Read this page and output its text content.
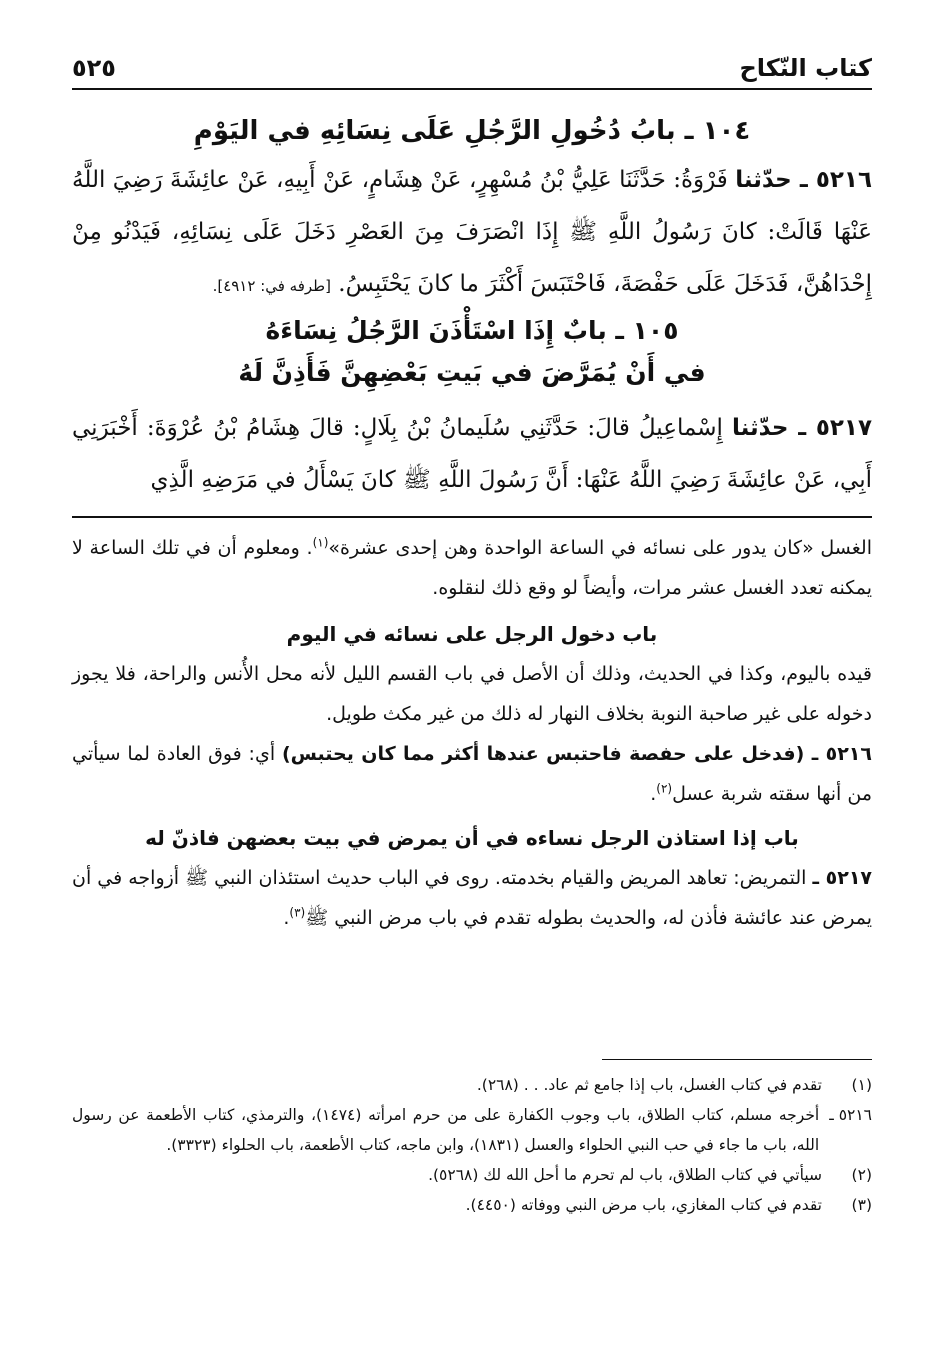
كتاب النّكاح
٥٢٥
١٠٤ ـ بابُ دُخُولِ الرَّجُلِ عَلَى نِسَائِهِ في اليَوْمِ
٥٢١٦ ـ حدّثنا فَرْوَةُ: حَدَّثَنَا عَلِيُّ بْنُ مُسْهِرٍ، عَنْ هِشَامٍ، عَنْ أَبِيهِ، عَنْ عائِشَةَ رَضِيَ اللَّهُ عَنْهَا قَالَتْ: كانَ رَسُولُ اللَّهِ ﷺ إِذَا انْصَرَفَ مِنَ العَصْرِ دَخَلَ عَلَى نِسَائِهِ، فَيَدْنُو مِنْ إِحْدَاهُنَّ، فَدَخَلَ عَلَى حَفْصَةَ، فَاحْتَبَسَ أَكْثَرَ ما كانَ يَحْتَبِسُ. [طرفه في: ٤٩١٢].
١٠٥ ـ بابٌ إِذَا اسْتَأْذَنَ الرَّجُلُ نِسَاءَهُ
في أَنْ يُمَرَّضَ في بَيتِ بَعْضِهِنَّ فَأَذِنَّ لَهُ
٥٢١٧ ـ حدّثنا إِسْماعِيلُ قالَ: حَدَّثَنِي سُلَيمانُ بْنُ بِلَالٍ: قالَ هِشَامُ بْنُ عُرْوَةَ: أَخْبَرَنِي أَبِي، عَنْ عائِشَةَ رَضِيَ اللَّهُ عَنْهَا: أَنَّ رَسُولَ اللَّهِ ﷺ كانَ يَسْأَلُ في مَرَضِهِ الَّذِي
الغسل «كان يدور على نسائه في الساعة الواحدة وهن إحدى عشرة»$^{(١)}$. ومعلوم أن في تلك الساعة لا يمكنه تعدد الغسل عشر مرات، وأيضاً لو وقع ذلك لنقلوه.
باب دخول الرجل على نسائه في اليوم
قيده باليوم، وكذا في الحديث، وذلك أن الأصل في باب القسم الليل لأنه محل الأُنس والراحة، فلا يجوز دخوله على غير صاحبة النوبة بخلاف النهار له ذلك من غير مكث طويل.
٥٢١٦ ـ (فدخل على حفصة فاحتبس عندها أكثر مما كان يحتبس) أي: فوق العادة لما سيأتي من أنها سقته شربة عسل$^{(٢)}$.
باب إذا استاذن الرجل نساءه في أن يمرض في بيت بعضهن فاذنّ له
٥٢١٧ ـ التمريض: تعاهد المريض والقيام بخدمته. روى في الباب حديث استئذان النبي ﷺ أزواجه في أن يمرض عند عائشة فأذن له، والحديث بطوله تقدم في باب مرض النبي ﷺ$^{(٣)}$.
(١)
تقدم في كتاب الغسل، باب إذا جامع ثم عاد. . . (٢٦٨).
٥٢١٦ ـ
أخرجه مسلم، كتاب الطلاق، باب وجوب الكفارة على من حرم امرأته (١٤٧٤)، والترمذي، كتاب الأطعمة عن رسول الله، باب ما جاء في حب النبي الحلواء والعسل (١٨٣١)، وابن ماجه، كتاب الأطعمة، باب الحلواء (٣٣٢٣).
(٢)
سيأتي في كتاب الطلاق، باب لم تحرم ما أحل الله لك (٥٢٦٨).
(٣)
تقدم في كتاب المغازي، باب مرض النبي ووفاته (٤٤٥٠).
